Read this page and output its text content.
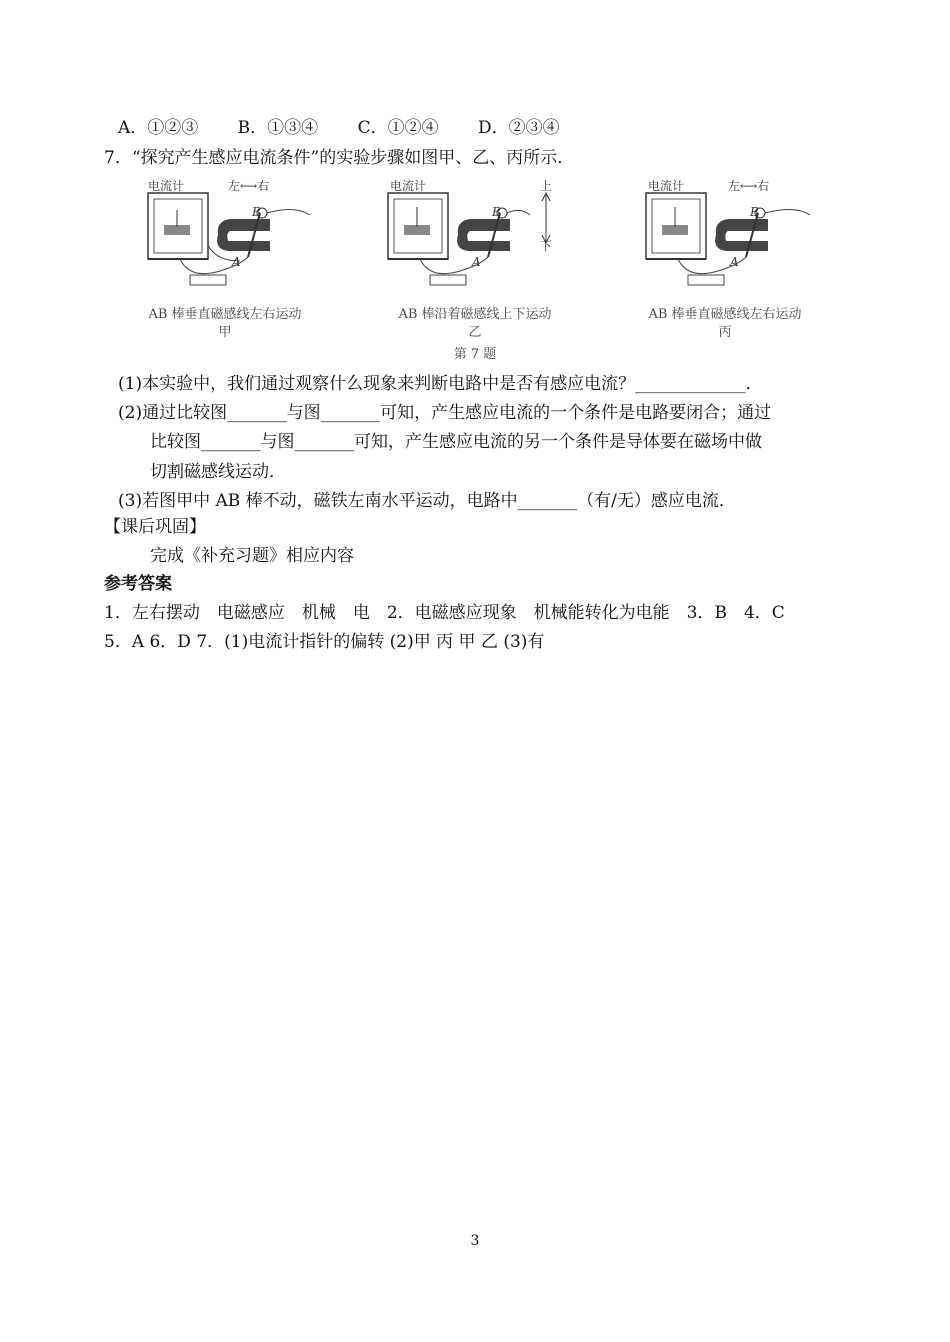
A．①②③　　 B．①③④　　 C．①②④　　 D．②③④
7．“探究产生感应电流条件”的实验步骤如图甲、乙、丙所示．
电流计	左⟷右
B
A
AB 棒垂直磁感线左右运动
甲
电流计	上
下
B
A
AB 棒沿着磁感线上下运动
乙
电流计	左⟷右
B
A
AB 棒垂直磁感线左右运动
丙
第 7 题
(1)本实验中，我们通过观察什么现象来判断电路中是否有感应电流？_____________．
(2)通过比较图_______与图_______可知，产生感应电流的一个条件是电路要闭合；通过
比较图_______与图_______可知，产生感应电流的另一个条件是导体要在磁场中做
切割磁感线运动．
(3)若图甲中 AB 棒不动，磁铁左南水平运动，电路中_______（有/无）感应电流．
【课后巩固】
完成《补充习题》相应内容
参考答案
1．左右摆动　电磁感应　机械　电　2．电磁感应现象　机械能转化为电能　3．B　4．C
5．A 6．D 7．(1)电流计指针的偏转 (2)甲 丙 甲 乙 (3)有
3
